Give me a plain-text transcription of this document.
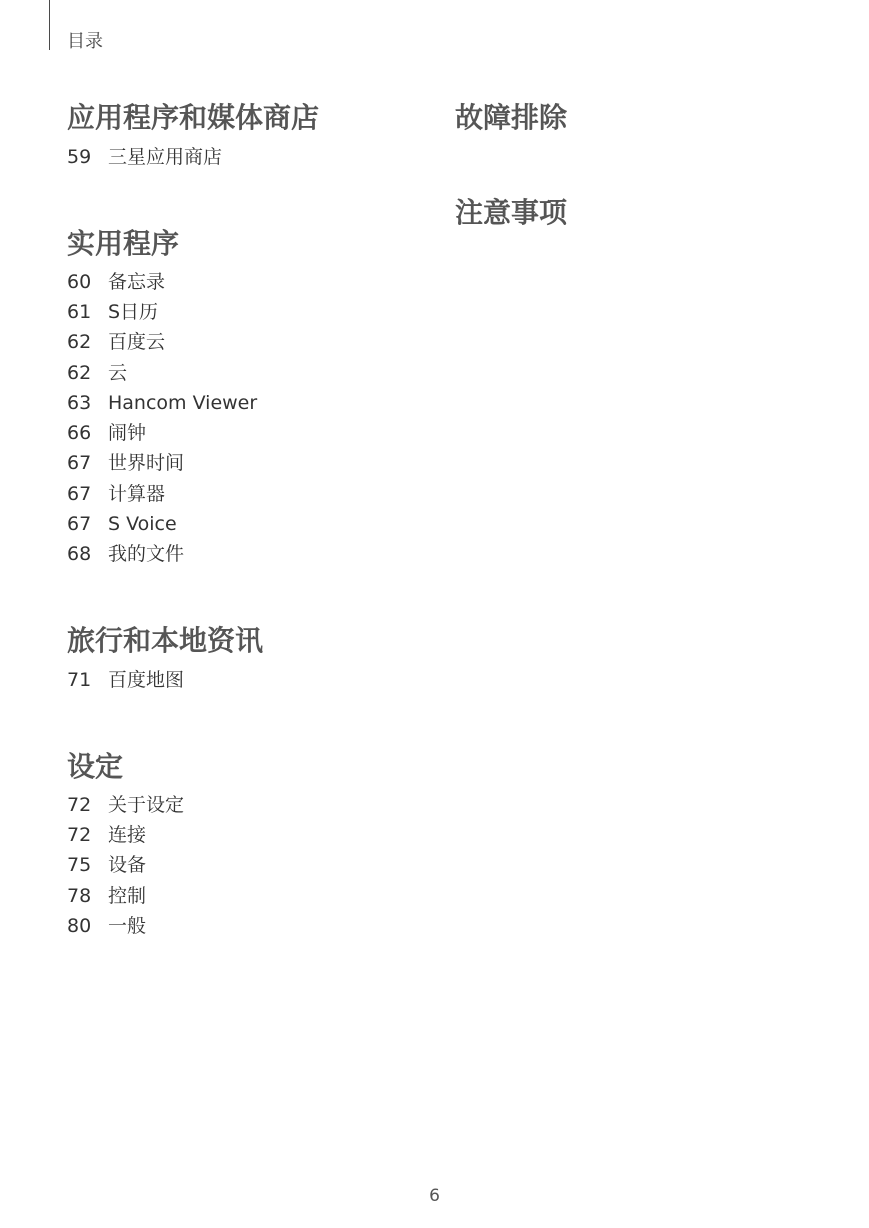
目录
应用程序和媒体商店
59 三星应用商店
实用程序
60 备忘录
61 S日历
62 百度云
62 云
63 Hancom Viewer
66 闹钟
67 世界时间
67 计算器
67 S Voice
68 我的文件
旅行和本地资讯
71 百度地图
设定
72 关于设定
72 连接
75 设备
78 控制
80 一般
故障排除
注意事项
6
